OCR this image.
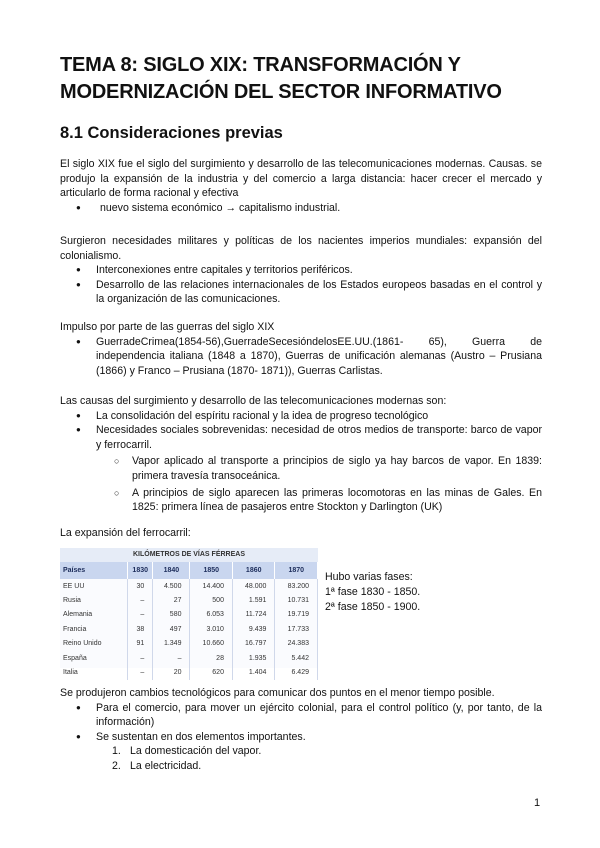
TEMA 8: SIGLO XIX: TRANSFORMACIÓN Y MODERNIZACIÓN DEL SECTOR INFORMATIVO
8.1 Consideraciones previas

El siglo XIX fue el siglo del surgimiento y desarrollo de las telecomunicaciones modernas. Causas. se produjo la expansión de la industria y del comercio a larga distancia: hacer crecer el mercado y articularlo de forma racional y efectiva

● nuevo sistema económico → capitalismo industrial.

Surgieron necesidades militares y políticas de los nacientes imperios mundiales: expansión del colonialismo.

● Interconexiones entre capitales y territorios periféricos.
● Desarrollo de las relaciones internacionales de los Estados europeos basadas en el control y la organización de las comunicaciones.

Impulso por parte de las guerras del siglo XIX

● GuerradeCrimea(1854-56),GuerradeSecesióndelosEE.UU.(1861- 65), Guerra de independencia italiana (1848 a 1870), Guerras de unificación alemanas (Austro – Prusiana (1866) y Franco – Prusiana (1870- 1871)), Guerras Carlistas.

Las causas del surgimiento y desarrollo de las telecomunicaciones modernas son:

● La consolidación del espíritu racional y la idea de progreso tecnológico
● Necesidades sociales sobrevenidas: necesidad de otros medios de transporte: barco de vapor y ferrocarril.
○ Vapor aplicado al transporte a principios de siglo ya hay barcos de vapor. En 1839: primera travesía transoceánica.
○ A principios de siglo aparecen las primeras locomotoras en las minas de Gales. En 1825: primera línea de pasajeros entre Stockton y Darlington (UK)
La expansión del ferrocarril:
KILÓMETROS DE VÍAS FÉRREAS
Países	1830	1840	1850	1860	1870
EE UU	30	4.500	14.400	48.000	83.200
Rusia	–	27	500	1.591	10.731
Alemania	–	580	6.053	11.724	19.719
Francia	38	497	3.010	9.439	17.733
Reino Unido	91	1.349	10.660	16.797	24.383
España	–	–	28	1.935	5.442
Italia	–	20	620	1.404	6.429
Hubo varias fases:
1ª fase 1830 - 1850.
2ª fase 1850 - 1900.

Se produjeron cambios tecnológicos para comunicar dos puntos en el menor tiempo posible.

● Para el comercio, para mover un ejército colonial, para el control político (y, por tanto, de la información)
● Se sustentan en dos elementos importantes.
1. La domesticación del vapor.
2. La electricidad.
1
